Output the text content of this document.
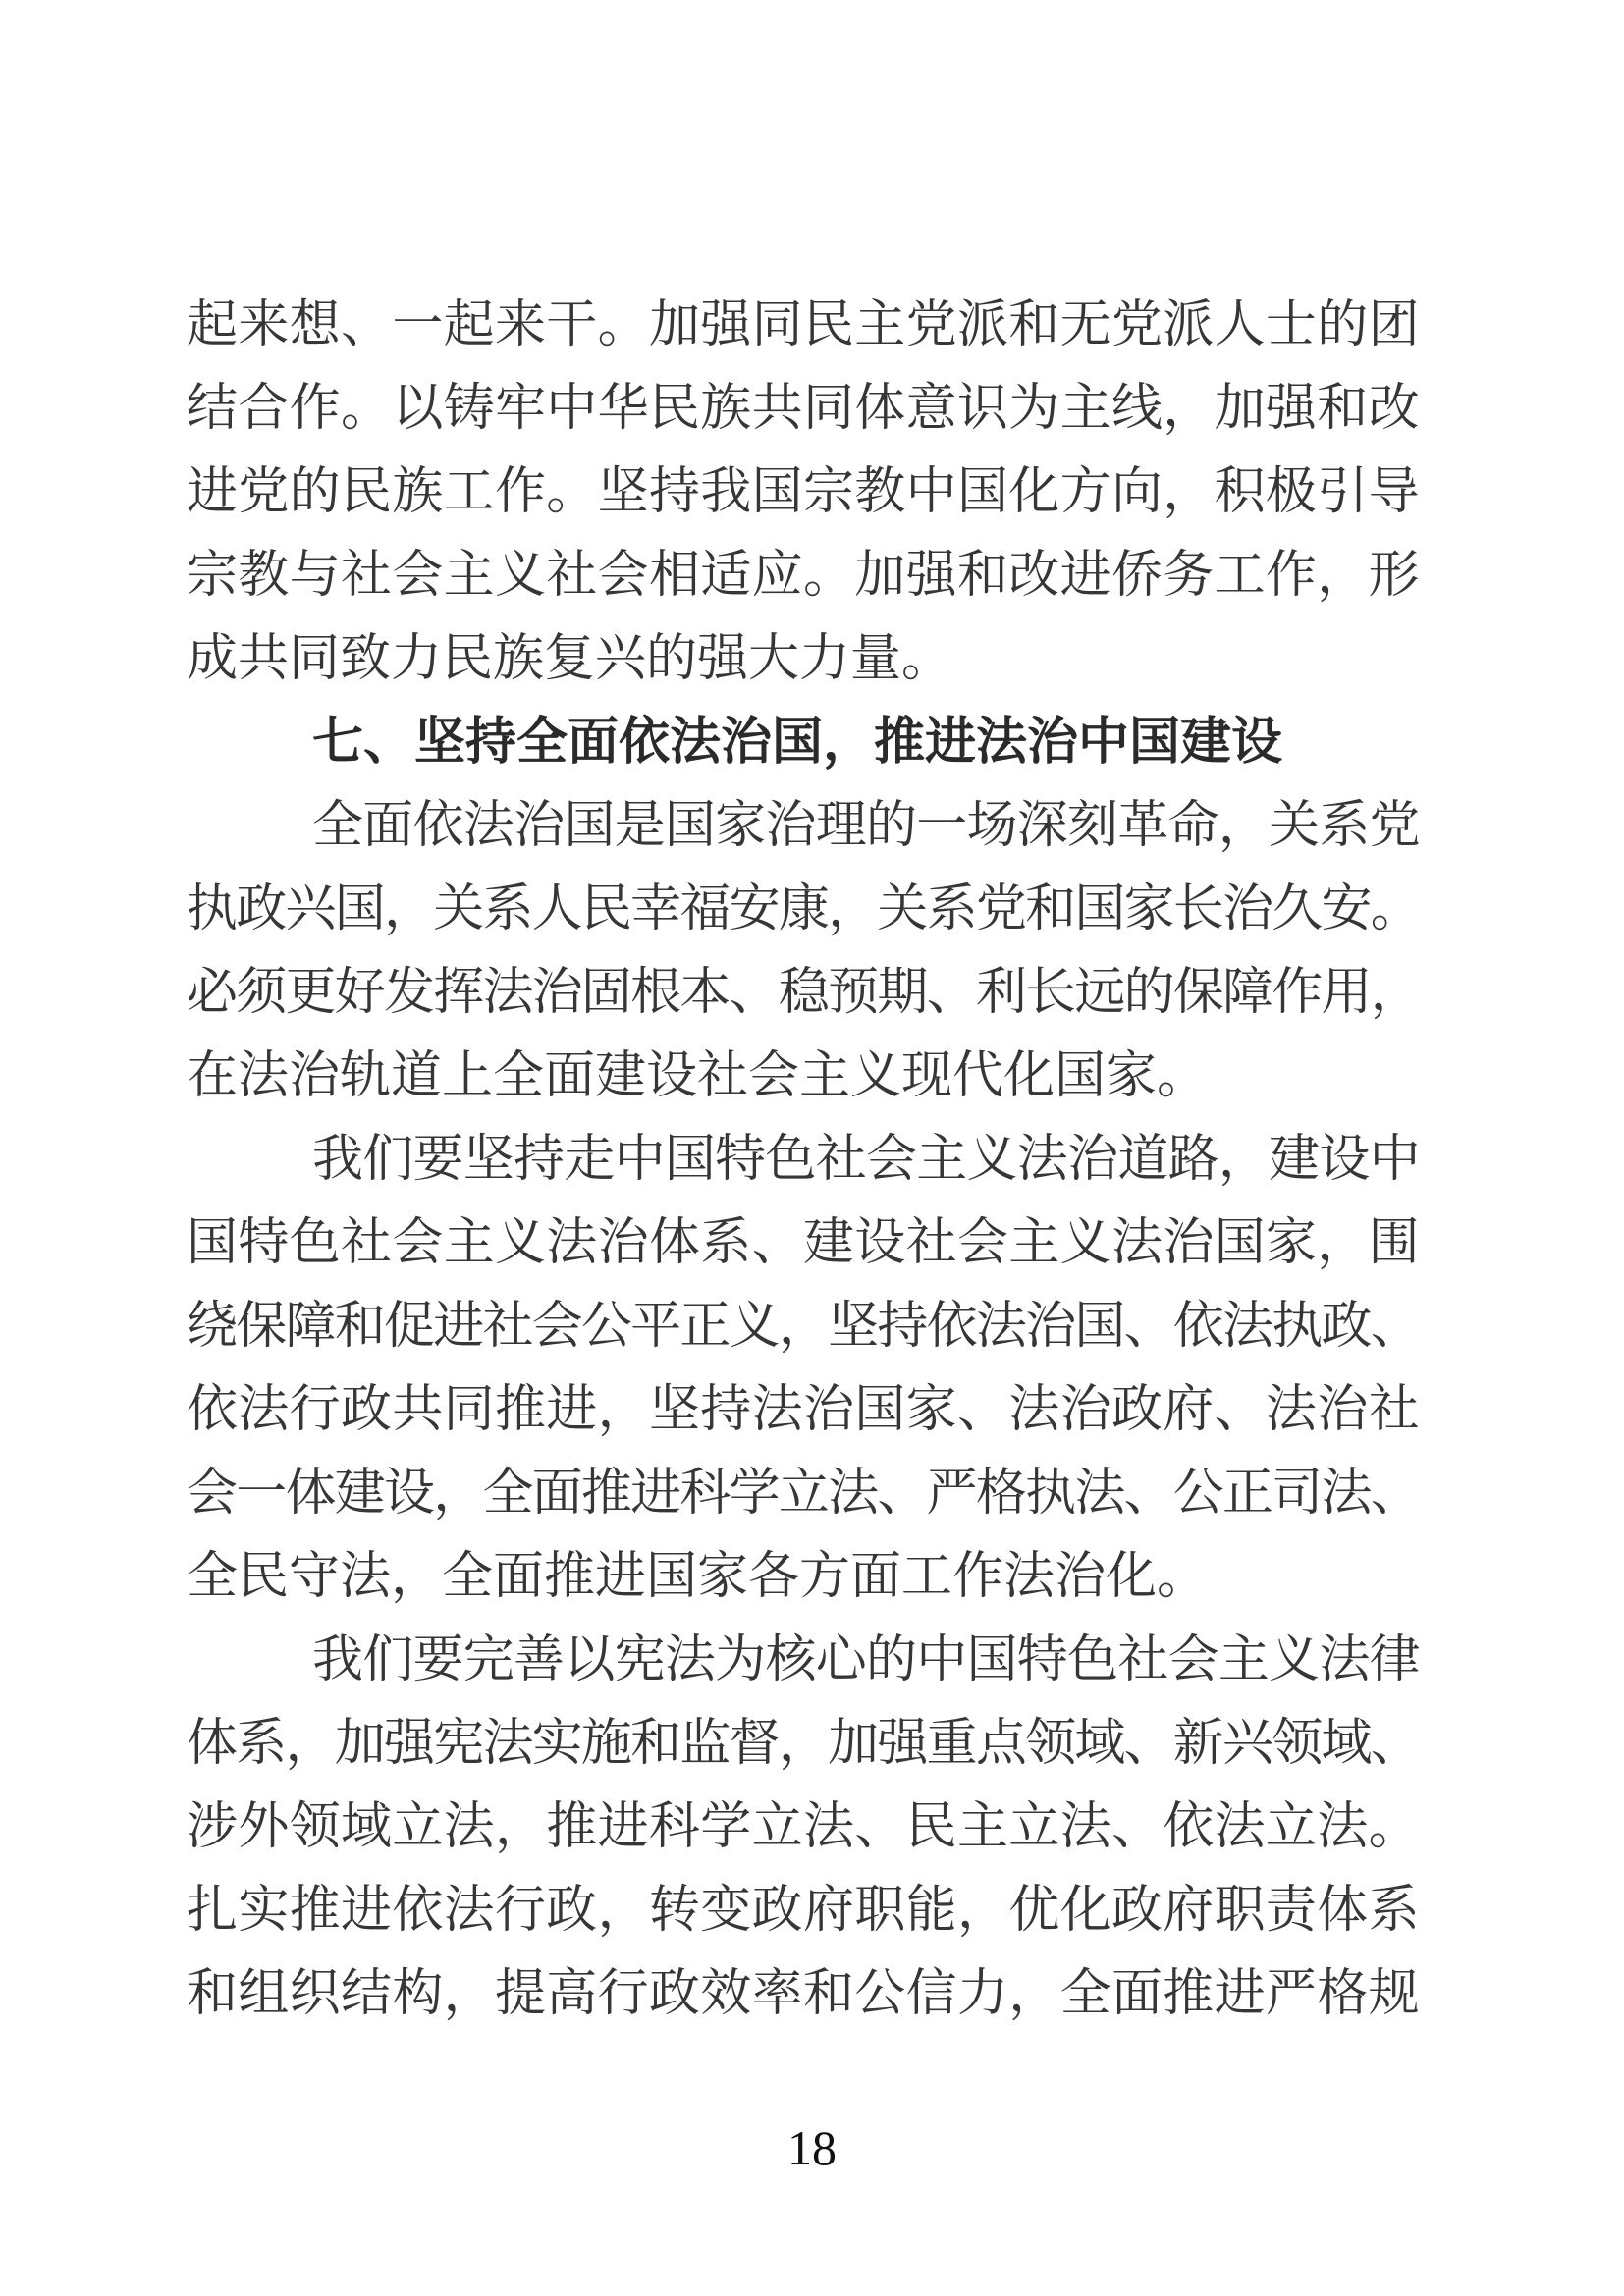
起来想、一起来干。加强同民主党派和无党派人士的团
结合作。以铸牢中华民族共同体意识为主线，加强和改
进党的民族工作。坚持我国宗教中国化方向，积极引导
宗教与社会主义社会相适应。加强和改进侨务工作，形
成共同致力民族复兴的强大力量。
七、坚持全面依法治国，推进法治中国建设
全面依法治国是国家治理的一场深刻革命，关系党
执政兴国，关系人民幸福安康，关系党和国家长治久安。
必须更好发挥法治固根本、稳预期、利长远的保障作用，
在法治轨道上全面建设社会主义现代化国家。
我们要坚持走中国特色社会主义法治道路，建设中
国特色社会主义法治体系、建设社会主义法治国家，围
绕保障和促进社会公平正义，坚持依法治国、依法执政、
依法行政共同推进，坚持法治国家、法治政府、法治社
会一体建设，全面推进科学立法、严格执法、公正司法、
全民守法，全面推进国家各方面工作法治化。
我们要完善以宪法为核心的中国特色社会主义法律
体系，加强宪法实施和监督，加强重点领域、新兴领域、
涉外领域立法，推进科学立法、民主立法、依法立法。
扎实推进依法行政，转变政府职能，优化政府职责体系
和组织结构，提高行政效率和公信力，全面推进严格规
18
